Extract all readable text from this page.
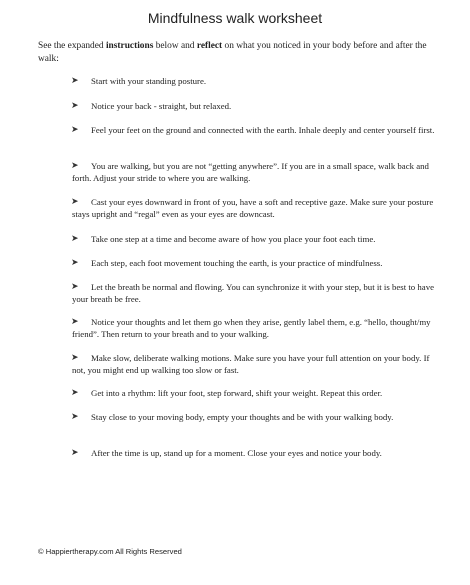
Mindfulness walk worksheet
See the expanded instructions below and reflect on what you noticed in your body before and after the walk:
➤	Start with your standing posture.
➤	Notice your back - straight, but relaxed.
➤	Feel your feet on the ground and connected with the earth. Inhale deeply and center yourself first.
➤	You are walking, but you are not “getting anywhere”. If you are in a small space, walk back and forth. Adjust your stride to where you are walking.
➤	Cast your eyes downward in front of you, have a soft and receptive gaze. Make sure your posture stays upright and “regal” even as your eyes are downcast.
➤	Take one step at a time and become aware of how you place your foot each time.
➤	Each step, each foot movement touching the earth, is your practice of mindfulness.
➤	Let the breath be normal and flowing. You can synchronize it with your step, but it is best to have your breath be free.
➤	Notice your thoughts and let them go when they arise, gently label them, e.g. “hello, thought/my friend”. Then return to your breath and to your walking.
➤	Make slow, deliberate walking motions. Make sure you have your full attention on your body. If not, you might end up walking too slow or fast.
➤	Get into a rhythm: lift your foot, step forward, shift your weight. Repeat this order.
➤	Stay close to your moving body, empty your thoughts and be with your walking body.
➤	After the time is up, stand up for a moment. Close your eyes and notice your body.
© Happiertherapy.com All Rights Reserved
